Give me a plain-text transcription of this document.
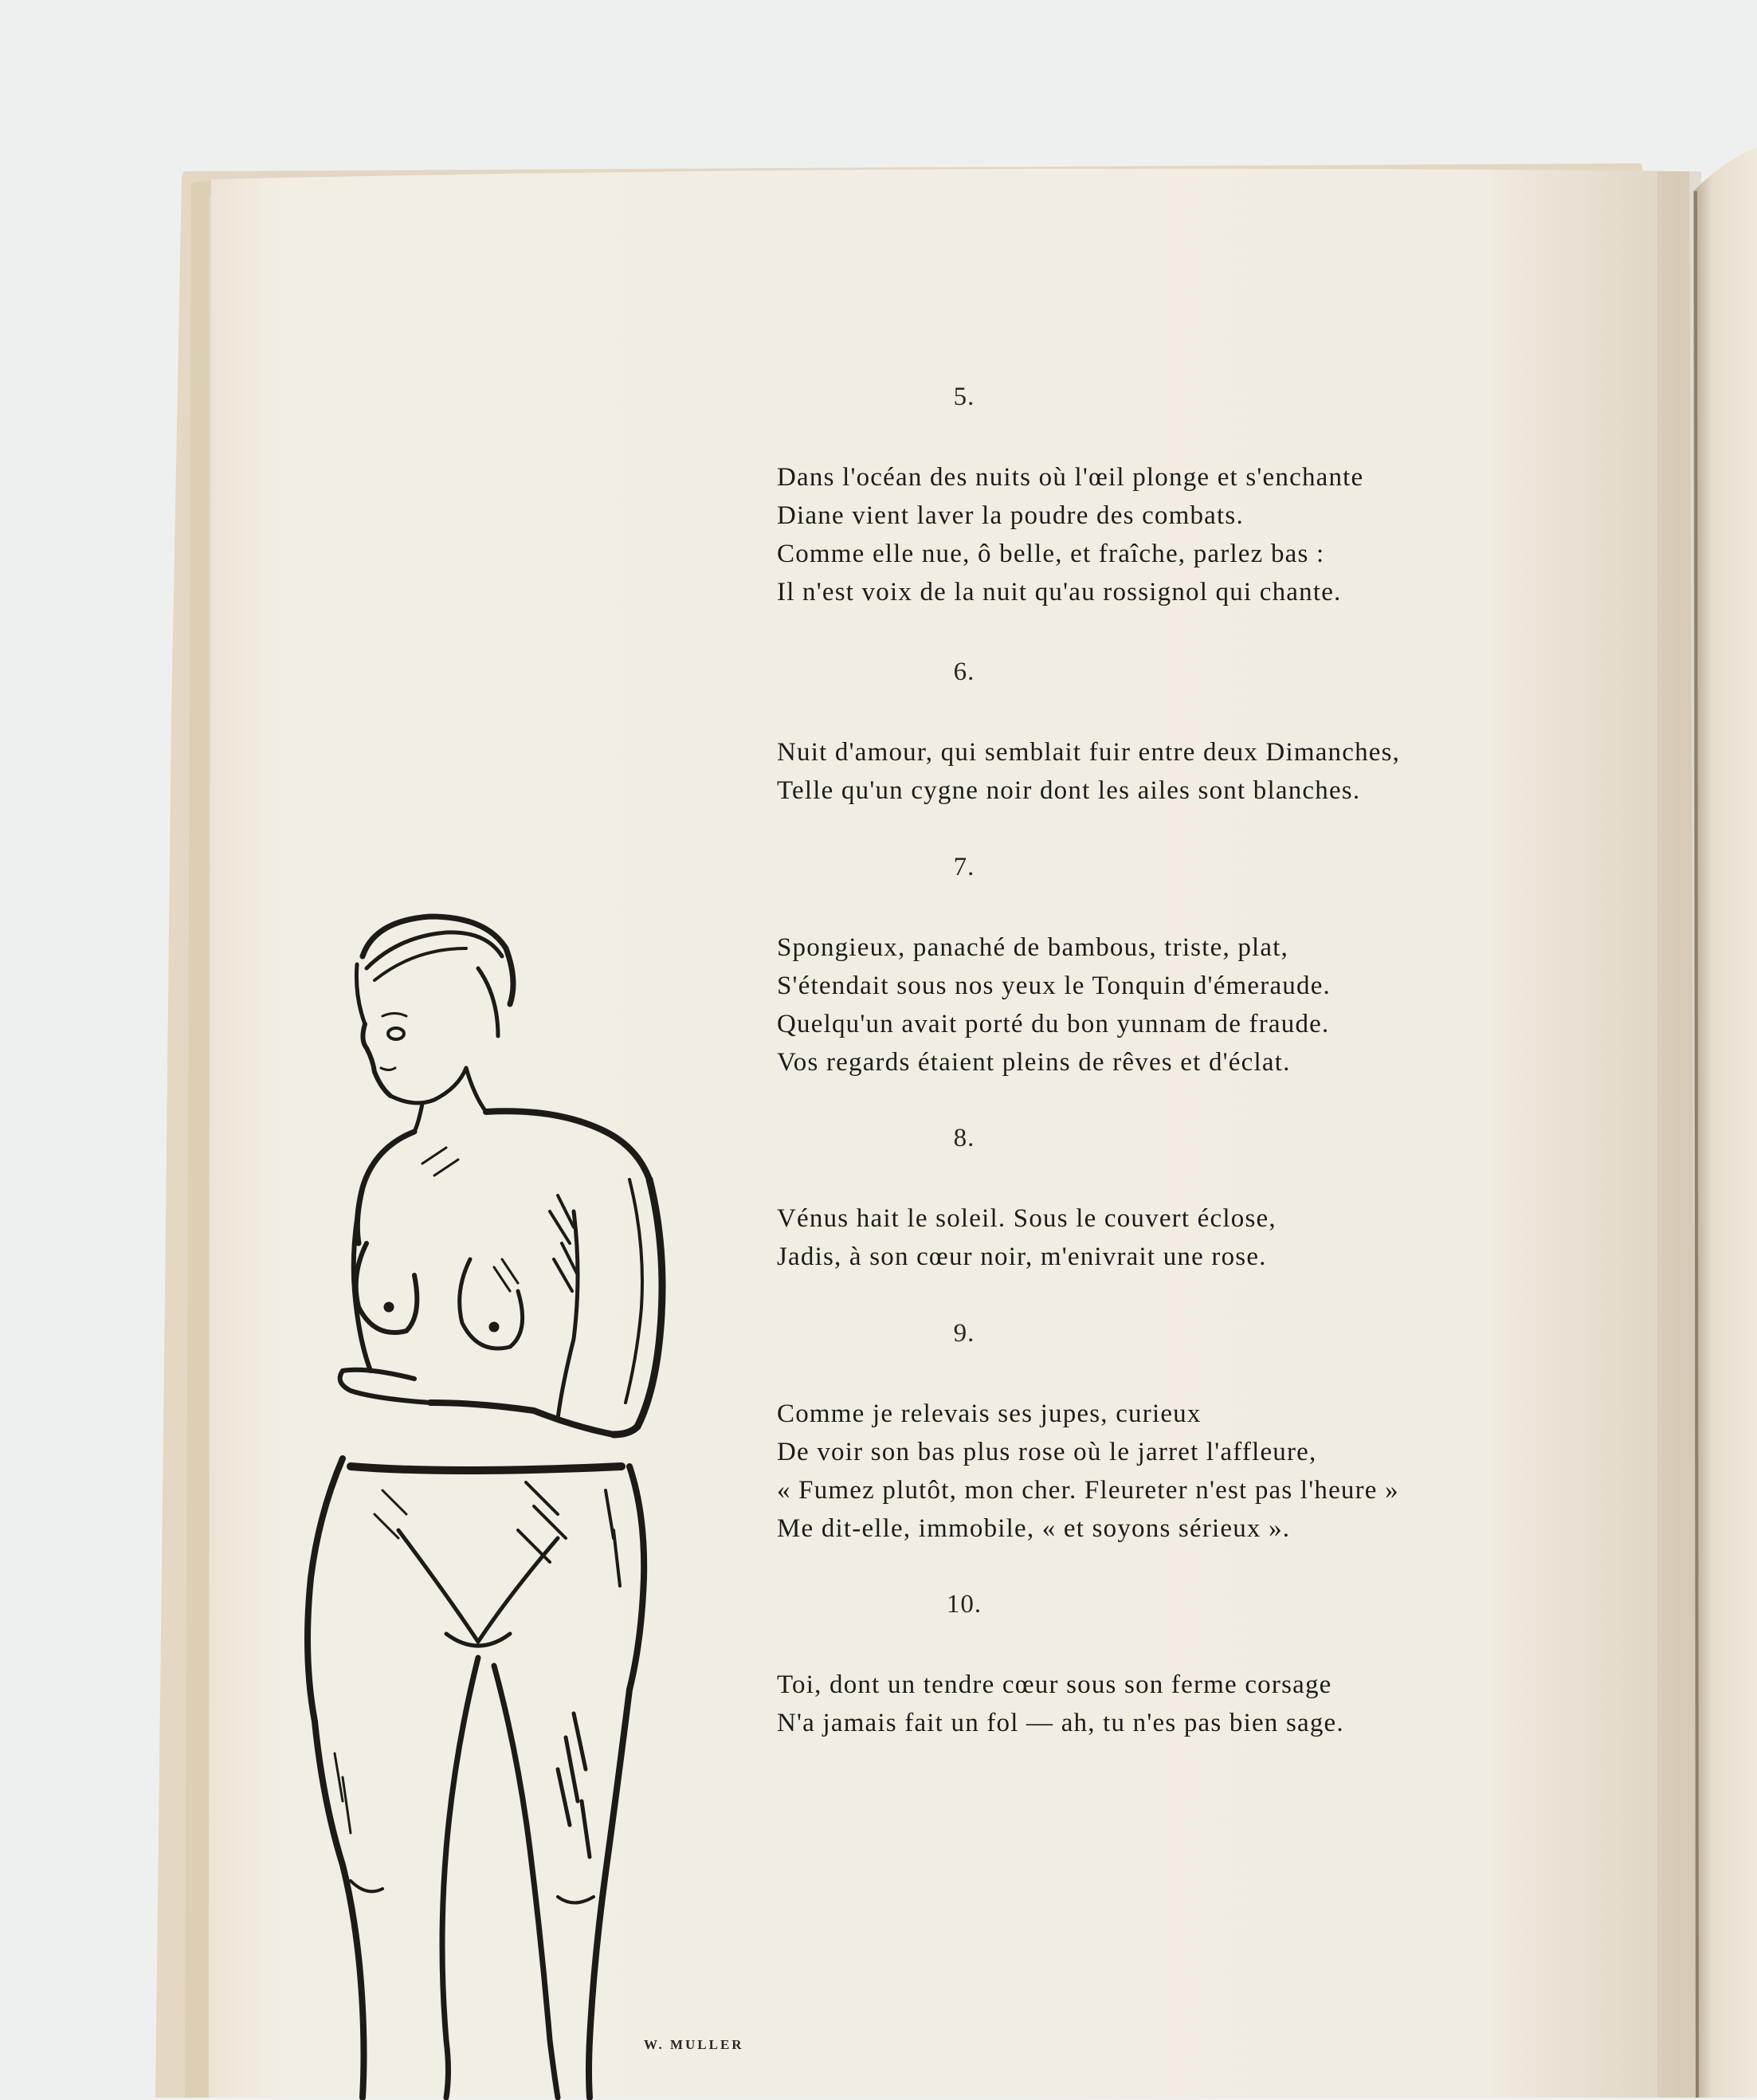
5.
Dans l'océan des nuits où l'œil plonge et s'enchante
Diane vient laver la poudre des combats.
Comme elle nue, ô belle, et fraîche, parlez bas :
Il n'est voix de la nuit qu'au rossignol qui chante.
6.
Nuit d'amour, qui semblait fuir entre deux Dimanches,
Telle qu'un cygne noir dont les ailes sont blanches.
7.
Spongieux, panaché de bambous, triste, plat,
S'étendait sous nos yeux le Tonquin d'émeraude.
Quelqu'un avait porté du bon yunnam de fraude.
Vos regards étaient pleins de rêves et d'éclat.
8.
Vénus hait le soleil. Sous le couvert éclose,
Jadis, à son cœur noir, m'enivrait une rose.
9.
Comme je relevais ses jupes, curieux
De voir son bas plus rose où le jarret l'affleure,
« Fumez plutôt, mon cher. Fleureter n'est pas l'heure »
Me dit-elle, immobile, « et soyons sérieux ».
10.
Toi, dont un tendre cœur sous son ferme corsage
N'a jamais fait un fol — ah, tu n'es pas bien sage.
W. MULLER
